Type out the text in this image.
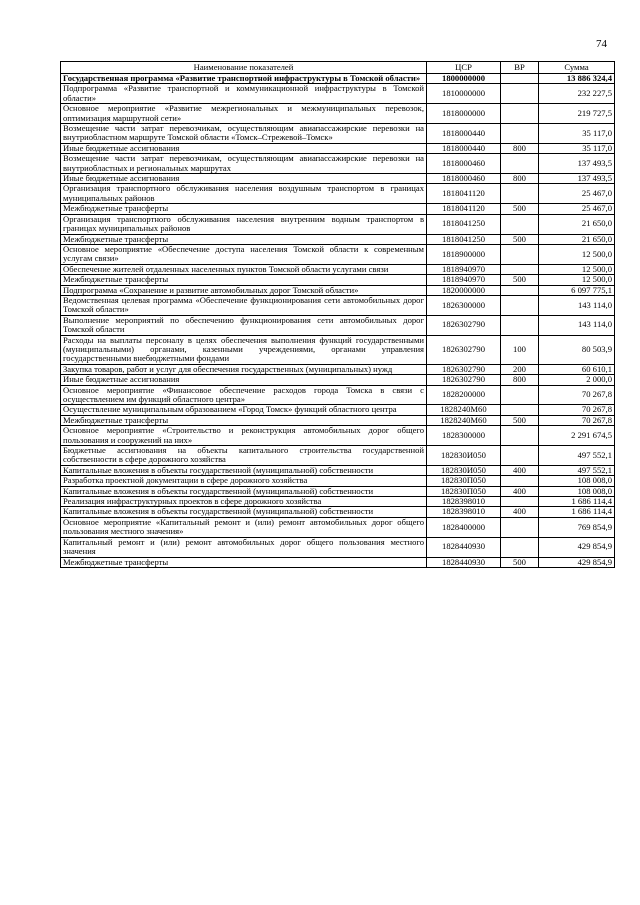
74
Наименование показателей	ЦСР	ВР	Сумма
Государственная программа «Развитие транспортной инфраструктуры в Томской области»	1800000000		13 886 324,4
Подпрограмма «Развитие транспортной и коммуникационной инфраструктуры в Томской области»	1810000000		232 227,5
Основное мероприятие «Развитие межрегиональных и межмуниципальных перевозок, оптимизация маршрутной сети»	1818000000		219 727,5
Возмещение части затрат перевозчикам, осуществляющим авиапассажирские перевозки на внутриобластном маршруте Томской области «Томск–Стрежевой–Томск»	1818000440		35 117,0
Иные бюджетные ассигнования	1818000440	800	35 117,0
Возмещение части затрат перевозчикам, осуществляющим авиапассажирские перевозки на внутриобластных и региональных маршрутах	1818000460		137 493,5
Иные бюджетные ассигнования	1818000460	800	137 493,5
Организация транспортного обслуживания населения воздушным транспортом в границах муниципальных районов	1818041120		25 467,0
Межбюджетные трансферты	1818041120	500	25 467,0
Организация транспортного обслуживания населения внутренним водным транспортом в границах муниципальных районов	1818041250		21 650,0
Межбюджетные трансферты	1818041250	500	21 650,0
Основное мероприятие «Обеспечение доступа населения Томской области к современным услугам связи»	1818900000		12 500,0
Обеспечение жителей отдаленных населенных пунктов Томской области услугами связи	1818940970		12 500,0
Межбюджетные трансферты	1818940970	500	12 500,0
Подпрограмма «Сохранение и развитие автомобильных дорог Томской области»	1820000000		6 097 775,1
Ведомственная целевая программа «Обеспечение функционирования сети автомобильных дорог Томской области»	1826300000		143 114,0
Выполнение мероприятий по обеспечению функционирования сети автомобильных дорог Томской области	1826302790		143 114,0
Расходы на выплаты персоналу в целях обеспечения выполнения функций государственными (муниципальными) органами, казенными учреждениями, органами управления государственными внебюджетными фондами	1826302790	100	80 503,9
Закупка товаров, работ и услуг для обеспечения государственных (муниципальных) нужд	1826302790	200	60 610,1
Иные бюджетные ассигнования	1826302790	800	2 000,0
Основное мероприятие «Финансовое обеспечение расходов города Томска в связи с осуществлением им функций областного центра»	1828200000		70 267,8
Осуществление муниципальным образованием «Город Томск» функций областного центра	1828240М60		70 267,8
Межбюджетные трансферты	1828240М60	500	70 267,8
Основное мероприятие «Строительство и реконструкция автомобильных дорог общего пользования и сооружений на них»	1828300000		2 291 674,5
Бюджетные ассигнования на объекты капитального строительства государственной собственности в сфере дорожного хозяйства	182830И050		497 552,1
Капитальные вложения в объекты государственной (муниципальной) собственности	182830И050	400	497 552,1
Разработка проектной документации в сфере дорожного хозяйства	182830П050		108 008,0
Капитальные вложения в объекты государственной (муниципальной) собственности	182830П050	400	108 008,0
Реализация инфраструктурных проектов в сфере дорожного хозяйства	1828398010		1 686 114,4
Капитальные вложения в объекты государственной (муниципальной) собственности	1828398010	400	1 686 114,4
Основное мероприятие «Капитальный ремонт и (или) ремонт автомобильных дорог общего пользования местного значения»	1828400000		769 854,9
Капитальный ремонт и (или) ремонт автомобильных дорог общего пользования местного значения	1828440930		429 854,9
Межбюджетные трансферты	1828440930	500	429 854,9
